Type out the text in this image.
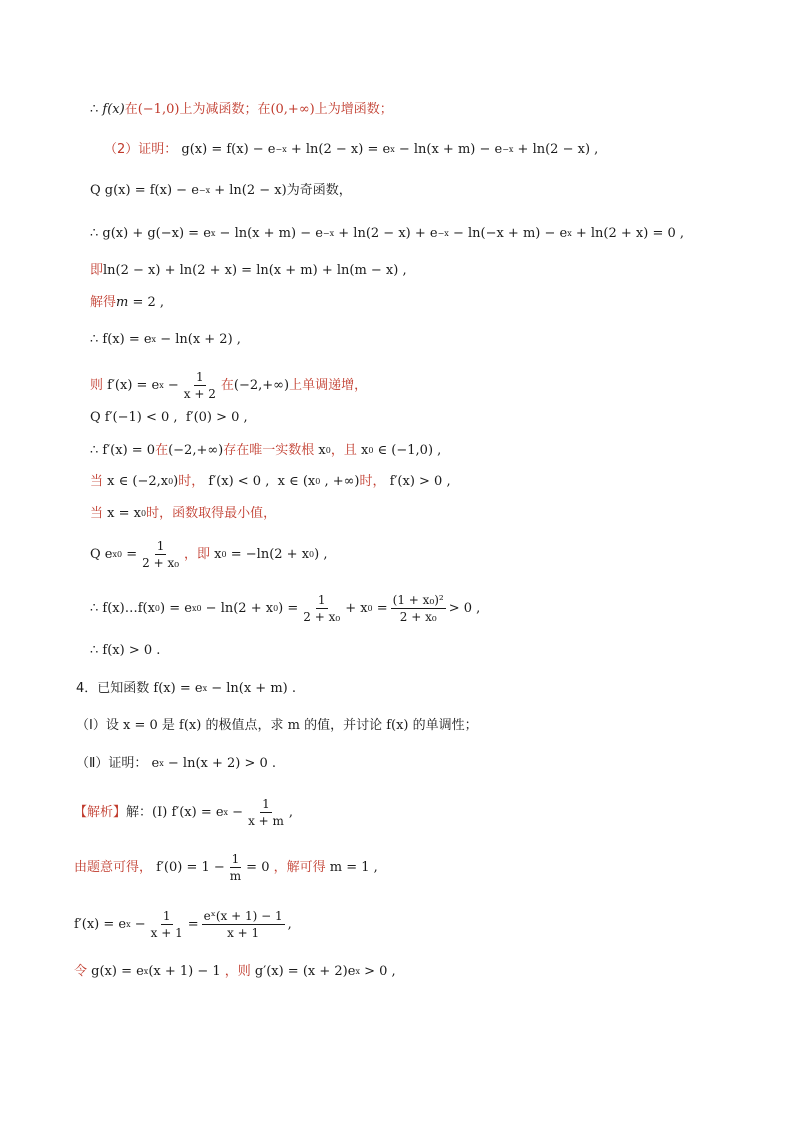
∴ f(x) 在 (−1,0) 上为减函数；在 (0,+∞) 上为增函数；
（2）证明： g(x) = f(x) − e −x + ln(2 − x) = e x − ln(x + m) − e −x + ln(2 − x) ,
Q g(x) = f(x) − e −x + ln(2 − x) 为奇函数，
∴ g(x) + g(−x) = e x − ln(x + m) − e −x + ln(2 − x) + e −x − ln(−x + m) − e x + ln(2 + x) = 0 ,
即 ln(2 − x) + ln(2 + x) = ln(x + m) + ln(m − x) ,
解得 m = 2 ,
∴ f(x) = e x − ln(x + 2) ,
则 f′(x) = e $x - \frac{1}{x + 2}$ 在 (−2,+∞) 上单调递增，
Q f′(−1) < 0 ,  f′(0) > 0 ,
∴ f′(x) = 0 在 (−2,+∞) 存在唯一实数根 x 0 ，且 x 0 ∈ (−1,0) ,
当 x ∈ (−2,x 0 ) 时， f′(x) < 0 ,  x ∈ (x 0 , +∞) 时， f′(x) > 0 ,
当 x = x 0 时，函数取得最小值，
Q e $x0 = \frac{1}{\text{2 + x₀}}$ ，即 x 0 = −ln(2 + x 0 ) ,
∴ f(x)…f(x 0 ) = e x0 − ln(2 + x 0 ) = $\frac{1}{\text{2 + x₀}} + x$ $0 = \frac{\text{(1 + x₀)²}}{\text{2 + x₀}} > 0$ ,
∴ f(x) > 0 .
4．已知函数 f(x) = e x − ln(x + m) .
（Ⅰ）设 x = 0 是 f(x) 的极值点，求 m 的值，并讨论 f(x) 的单调性；
（Ⅱ）证明： e x − ln(x + 2) > 0 .
【解析】 解： (I) f′(x) = e $x - \frac{1}{x + m}$ ,
由题意可得， $f'(0) = 1 - \frac{1}{m} = 0$ ，解可得 m = 1 ,
f′(x) = e $x - \frac{1}{x + 1} = \frac{\text{eˣ(x + 1) − 1}}{x + 1}$ ,
令 g(x) = e x (x + 1) − 1 ，则 g′(x) = (x + 2)e x > 0 ,
